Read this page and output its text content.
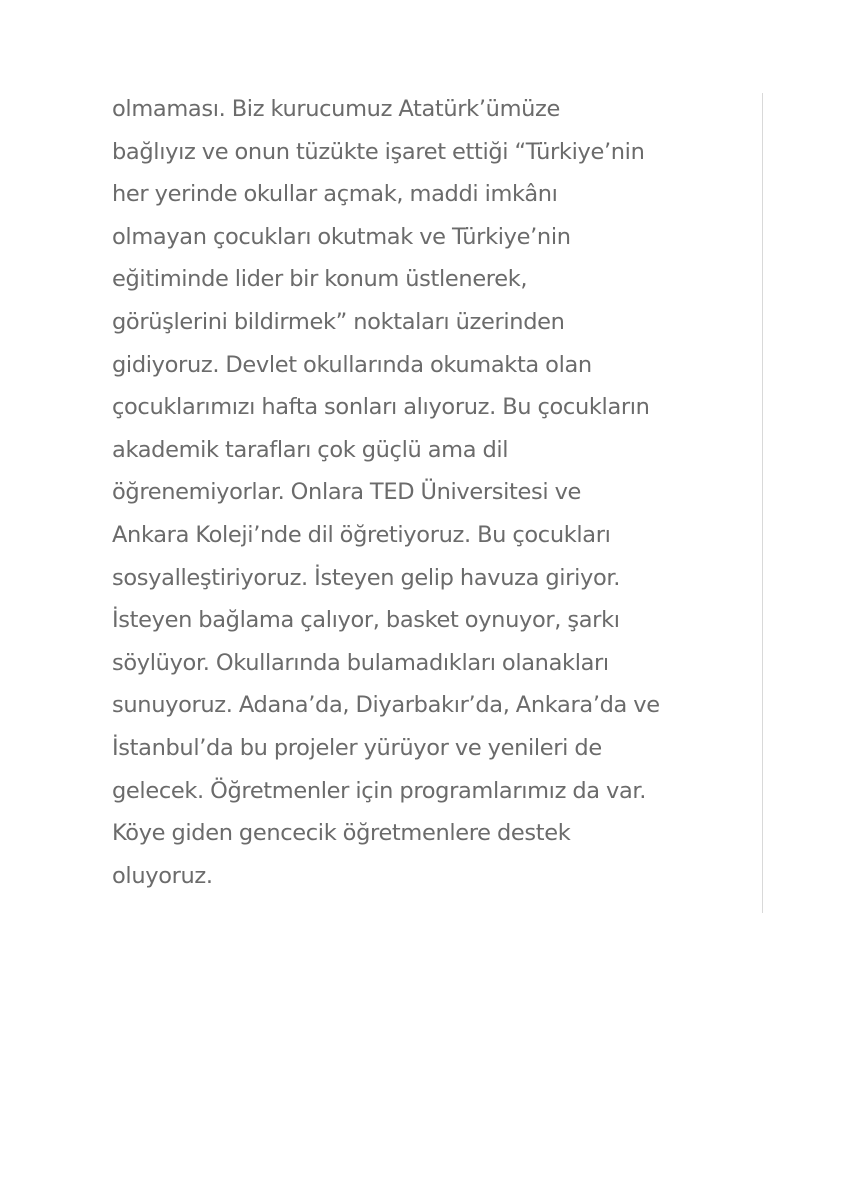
olmaması. Biz kurucumuz Atatürk’ümüze
bağlıyız ve onun tüzükte işaret ettiği “Türkiye’nin
her yerinde okullar açmak, maddi imkânı
olmayan çocukları okutmak ve Türkiye’nin
eğitiminde lider bir konum üstlenerek,
görüşlerini bildirmek” noktaları üzerinden
gidiyoruz. Devlet okullarında okumakta olan
çocuklarımızı hafta sonları alıyoruz. Bu çocukların
akademik tarafları çok güçlü ama dil
öğrenemiyorlar. Onlara TED Üniversitesi ve
Ankara Koleji’nde dil öğretiyoruz. Bu çocukları
sosyalleştiriyoruz. İsteyen gelip havuza giriyor.
İsteyen bağlama çalıyor, basket oynuyor, şarkı
söylüyor. Okullarında bulamadıkları olanakları
sunuyoruz. Adana’da, Diyarbakır’da, Ankara’da ve
İstanbul’da bu projeler yürüyor ve yenileri de
gelecek. Öğretmenler için programlarımız da var.
Köye giden gencecik öğretmenlere destek
oluyoruz.
